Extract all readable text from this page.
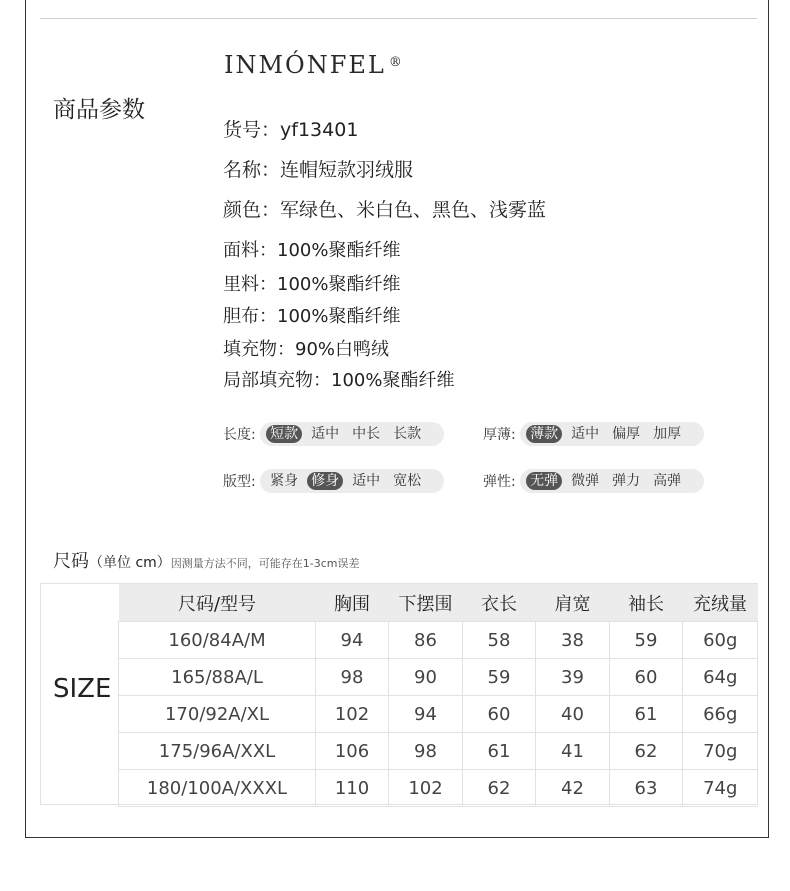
商品参数
INMÓNFEL ®
货号：yf13401
名称：连帽短款羽绒服
颜色：军绿色、米白色、黑色、浅雾蓝
面料：100%聚酯纤维
里料：100%聚酯纤维
胆布：100%聚酯纤维
填充物：90%白鸭绒
局部填充物：100%聚酯纤维
长度: 短款 适中 中长 长款	厚薄: 薄款 适中 偏厚 加厚
版型: 紧身 修身 适中 宽松	弹性: 无弹 微弹 弹力 高弹
尺码（单位 cm）因测量方法不同，可能存在1-3cm误差
SIZE
尺码/型号	胸围	下摆围	衣长	肩宽	袖长	充绒量
160/84A/M	94	86	58	38	59	60g
165/88A/L	98	90	59	39	60	64g
170/92A/XL	102	94	60	40	61	66g
175/96A/XXL	106	98	61	41	62	70g
180/100A/XXXL	110	102	62	42	63	74g
